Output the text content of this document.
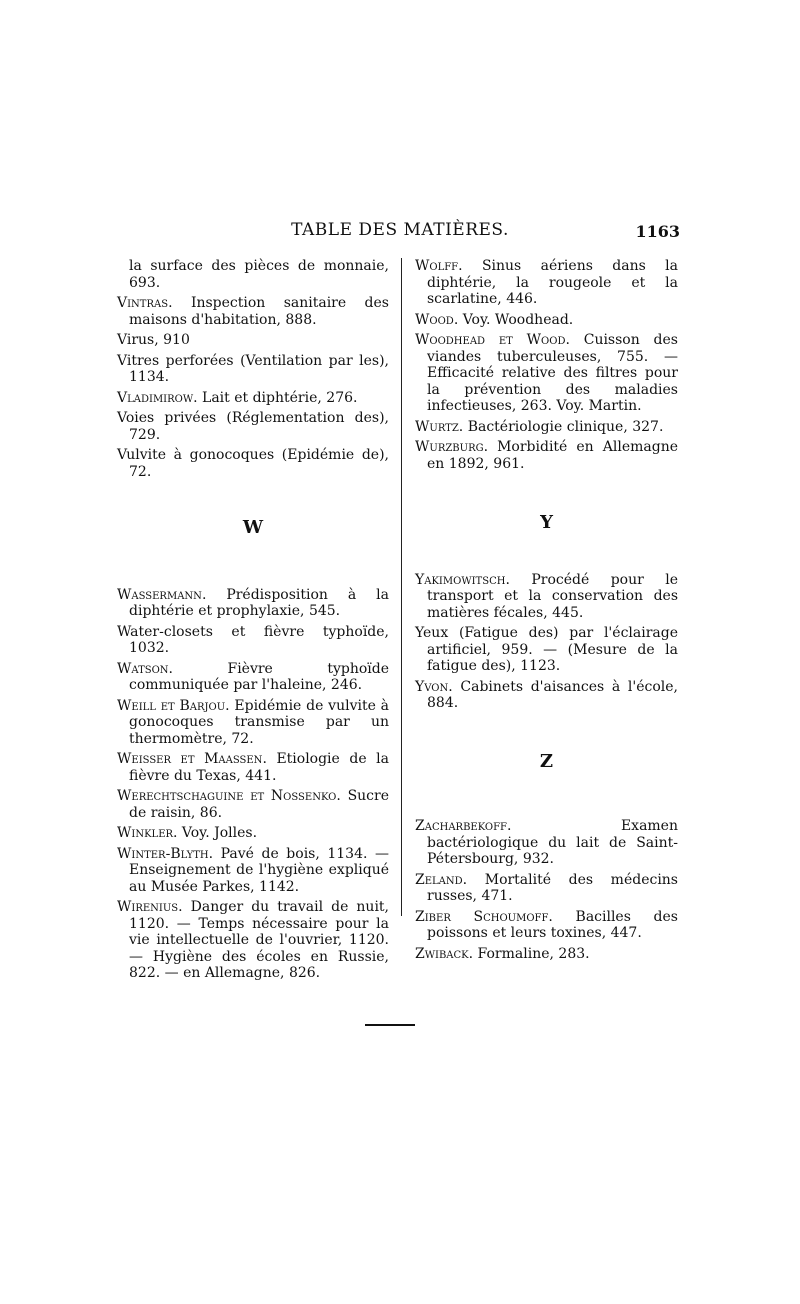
TABLE DES MATIÈRES.	1163

la surface des pièces de monnaie, 693.

Vintras. Inspection sanitaire des maisons d'habitation, 888.

Virus, 910

Vitres perforées (Ventilation par les), 1134.

Vladimirow. Lait et diphtérie, 276.

Voies privées (Réglementation des), 729.

Vulvite à gonocoques (Epidémie de), 72.

W

Wassermann. Prédisposition à la diphtérie et prophylaxie, 545.

Water-closets et fièvre typhoïde, 1032.

Watson. Fièvre typhoïde communiquée par l'haleine, 246.

Weill et Barjou. Epidémie de vulvite à gonocoques transmise par un thermomètre, 72.

Weisser et Maassen. Etiologie de la fièvre du Texas, 441.

Werechtschaguine et Nossenko. Sucre de raisin, 86.

Winkler. Voy. Jolles.

Winter-Blyth. Pavé de bois, 1134. — Enseignement de l'hygiène expliqué au Musée Parkes, 1142.

Wirenius. Danger du travail de nuit, 1120. — Temps nécessaire pour la vie intellectuelle de l'ouvrier, 1120. — Hygiène des écoles en Russie, 822. — en Allemagne, 826.

Wolff. Sinus aériens dans la diphtérie, la rougeole et la scarlatine, 446.

Wood. Voy. Woodhead.

Woodhead et Wood. Cuisson des viandes tuberculeuses, 755. — Efficacité relative des filtres pour la prévention des maladies infectieuses, 263. Voy. Martin.

Wurtz. Bactériologie clinique, 327.

Wurzburg. Morbidité en Allemagne en 1892, 961.

Y

Yakimowitsch. Procédé pour le transport et la conservation des matières fécales, 445.

Yeux (Fatigue des) par l'éclairage artificiel, 959. — (Mesure de la fatigue des), 1123.

Yvon. Cabinets d'aisances à l'école, 884.

Z

Zacharbekoff. Examen bactériologique du lait de Saint-Pétersbourg, 932.

Zeland. Mortalité des médecins russes, 471.

Ziber Schoumoff. Bacilles des poissons et leurs toxines, 447.

Zwiback. Formaline, 283.
